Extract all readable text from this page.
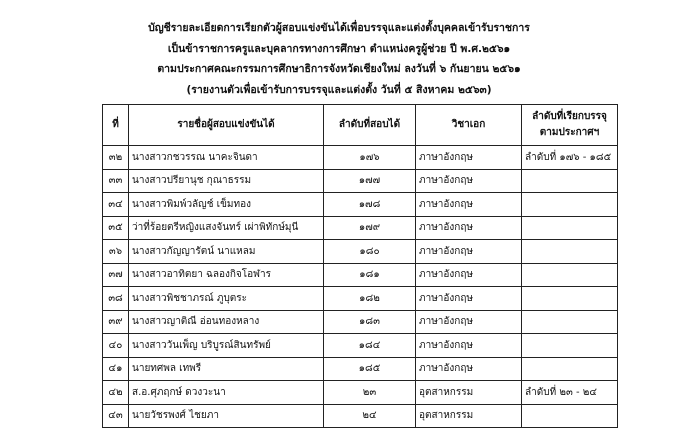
บัญชีรายละเอียดการเรียกตัวผู้สอบแข่งขันได้เพื่อบรรจุและแต่งตั้งบุคคลเข้ารับราชการ
เป็นข้าราชการครูและบุคลากรทางการศึกษา ตำแหน่งครูผู้ช่วย ปี พ.ศ.๒๕๖๑
ตามประกาศคณะกรรมการศึกษาธิการจังหวัดเชียงใหม่ ลงวันที่ ๖ กันยายน ๒๕๖๑
(รายงานตัวเพื่อเข้ารับการบรรจุและแต่งตั้ง วันที่ ๕ สิงหาคม ๒๕๖๓)
ที่	รายชื่อผู้สอบแข่งขันได้	ลำดับที่สอบได้	วิชาเอก	ลำดับที่เรียกบรรจุตามประกาศฯ
๓๒	นางสาวกชวรรณ นาคะจินดา	๑๗๖	ภาษาอังกฤษ	ลำดับที่ ๑๗๖ - ๑๘๕
๓๓	นางสาวปรียานุช กุณาธรรม	๑๗๗	ภาษาอังกฤษ	
๓๔	นางสาวพิมพ์วลัญช์ เข็มทอง	๑๗๘	ภาษาอังกฤษ	
๓๕	ว่าที่ร้อยตรีหญิงแสงจันทร์ เผ่าพิทักษ์มุนี	๑๗๙	ภาษาอังกฤษ	
๓๖	นางสาวกัญญารัตน์ นาแหลม	๑๘๐	ภาษาอังกฤษ	
๓๗	นางสาวอาทิตยา ฉลองกิจโอฬาร	๑๘๑	ภาษาอังกฤษ	
๓๘	นางสาวพิชชาภรณ์ ภูบุตระ	๑๘๒	ภาษาอังกฤษ	
๓๙	นางสาวญาติณี อ่อนทองหลาง	๑๘๓	ภาษาอังกฤษ	
๔๐	นางสาววันเพ็ญ บริบูรณ์สินทรัพย์	๑๘๔	ภาษาอังกฤษ	
๔๑	นายทศพล เทพรี	๑๘๕	ภาษาอังกฤษ	
๔๒	ส.อ.ศุภฤกษ์ ดวงวะนา	๒๓	อุตสาหกรรม	ลำดับที่ ๒๓ - ๒๔
๔๓	นายวัชรพงศ์ ไชยภา	๒๔	อุตสาหกรรม	
